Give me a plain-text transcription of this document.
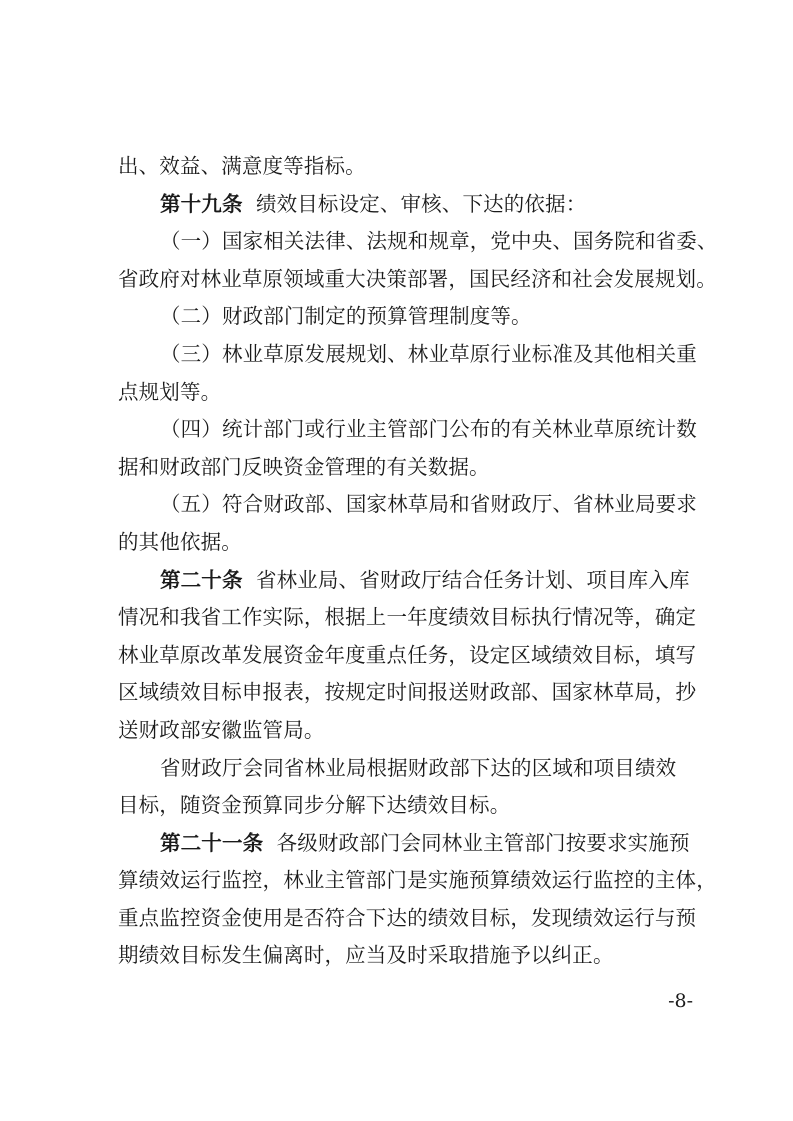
出、效益、满意度等指标。
第十九条 绩效目标设定、审核、下达的依据：
（一）国家相关法律、法规和规章，党中央、国务院和省委、
省政府对林业草原领域重大决策部署，国民经济和社会发展规划。
（二）财政部门制定的预算管理制度等。
（三）林业草原发展规划、林业草原行业标准及其他相关重
点规划等。
（四）统计部门或行业主管部门公布的有关林业草原统计数
据和财政部门反映资金管理的有关数据。
（五）符合财政部、国家林草局和省财政厅、省林业局要求
的其他依据。
第二十条 省林业局、省财政厅结合任务计划、项目库入库
情况和我省工作实际，根据上一年度绩效目标执行情况等，确定
林业草原改革发展资金年度重点任务，设定区域绩效目标，填写
区域绩效目标申报表，按规定时间报送财政部、国家林草局，抄
送财政部安徽监管局。
省财政厅会同省林业局根据财政部下达的区域和项目绩效
目标，随资金预算同步分解下达绩效目标。
第二十一条 各级财政部门会同林业主管部门按要求实施预
算绩效运行监控，林业主管部门是实施预算绩效运行监控的主体，
重点监控资金使用是否符合下达的绩效目标，发现绩效运行与预
期绩效目标发生偏离时，应当及时采取措施予以纠正。
-8-
